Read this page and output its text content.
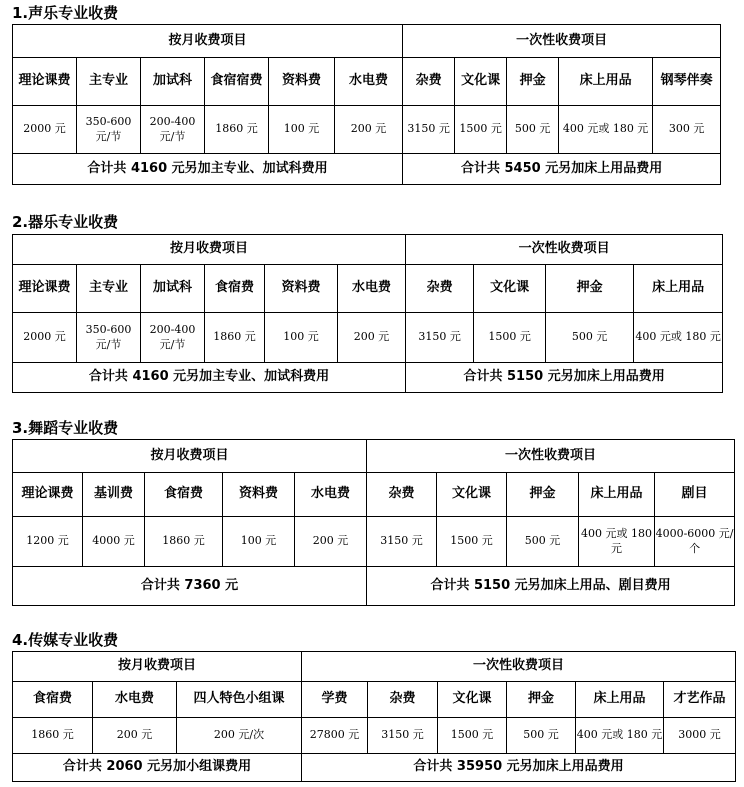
1.声乐专业收费
按月收费项目						一次性收费项目				
理论课费	主专业	加试科	食宿宿费	资料费	水电费	杂费	文化课	押金	床上用品	钢琴伴奏
2000 元	350-600 元/节	200-400 元/节	1860 元	100 元	200 元	3150 元	1500 元	500 元	400 元或 180 元	300 元
合计共 4160 元另加主专业、加试科费用						合计共 5450 元另加床上用品费用				
2.器乐专业收费
按月收费项目						一次性收费项目			
理论课费	主专业	加试科	食宿费	资料费	水电费	杂费	文化课	押金	床上用品
2000 元	350-600 元/节	200-400 元/节	1860 元	100 元	200 元	3150 元	1500 元	500 元	400 元或 180 元
合计共 4160 元另加主专业、加试科费用						合计共 5150 元另加床上用品费用			
3.舞蹈专业收费
按月收费项目					一次性收费项目				
理论课费	基训费	食宿费	资料费	水电费	杂费	文化课	押金	床上用品	剧目
1200 元	4000 元	1860 元	100 元	200 元	3150 元	1500 元	500 元	400 元或 180 元	4000-6000 元/个
合计共 7360 元					合计共 5150 元另加床上用品、剧目费用				
4.传媒专业收费
按月收费项目			一次性收费项目					
食宿费	水电费	四人特色小组课	学费	杂费	文化课	押金	床上用品	才艺作品
1860 元	200 元	200 元/次	27800 元	3150 元	1500 元	500 元	400 元或 180 元	3000 元
合计共 2060 元另加小组课费用			合计共 35950 元另加床上用品费用					
